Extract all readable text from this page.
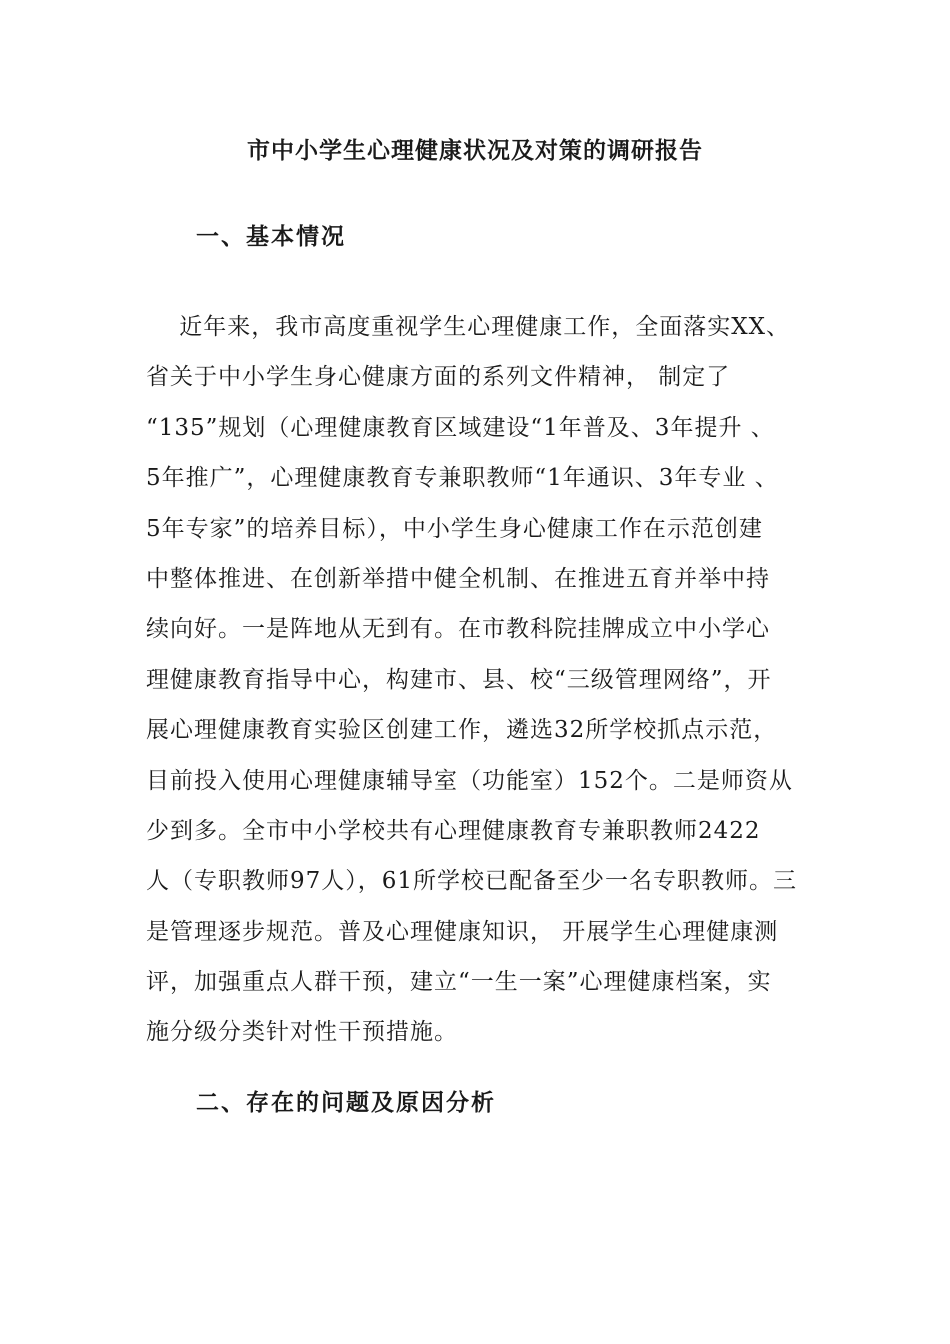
市中小学生心理健康状况及对策的调研报告
一、基本情况
近年来，我市高度重视学生心理健康工作，全面落实XX、
省关于中小学生身心健康方面的系列文件精神， 制定了
“135”规划（心理健康教育区域建设“1年普及、3年提升 、
5年推广”，心理健康教育专兼职教师“1年通识、3年专业 、
5年专家”的培养目标），中小学生身心健康工作在示范创建
中整体推进、在创新举措中健全机制、在推进五育并举中持
续向好。一是阵地从无到有。在市教科院挂牌成立中小学心
理健康教育指导中心，构建市、县、校“三级管理网络”，开
展心理健康教育实验区创建工作，遴选32所学校抓点示范，
目前投入使用心理健康辅导室（功能室）152个。二是师资从
少到多。全市中小学校共有心理健康教育专兼职教师2422
人（专职教师97人），61所学校已配备至少一名专职教师。三
是管理逐步规范。普及心理健康知识， 开展学生心理健康测
评，加强重点人群干预，建立“一生一案”心理健康档案，实
施分级分类针对性干预措施。
二、存在的问题及原因分析
